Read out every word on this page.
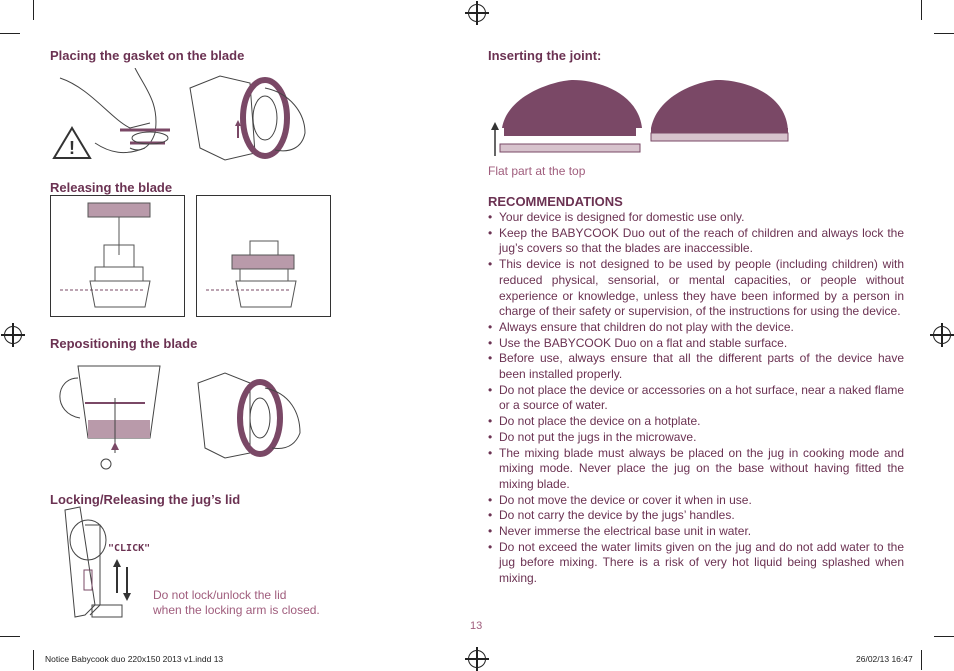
Placing the gasket on the blade
!
Releasing the blade
Repositioning the blade
Locking/Releasing the jug’s lid
"CLICK"
Do not lock/unlock the lid
when the locking arm is closed.
Inserting the joint:
Flat part at the top
RECOMMENDATIONS
• Your device is designed for domestic use only.
• Keep the BABYCOOK Duo out of the reach of children and always lock the jug’s covers so that the blades are inaccessible.
• This device is not designed to be used by people (including children) with reduced physical, sensorial, or mental capacities, or people without experience or knowledge, unless they have been informed by a person in charge of their safety or supervision, of the instructions for using the device.
• Always ensure that children do not play with the device.
• Use the BABYCOOK Duo on a flat and stable surface.
• Before use, always ensure that all the different parts of the device have been installed properly.
• Do not place the device or accessories on a hot surface, near a naked flame or a source of water.
• Do not place the device on a hotplate.
• Do not put the jugs in the microwave.
• The mixing blade must always be placed on the jug in cooking mode and mixing mode. Never place the jug on the base without having fitted the mixing blade.
• Do not move the device or cover it when in use.
• Do not carry the device by the jugs’ handles.
• Never immerse the electrical base unit in water.
• Do not exceed the water limits given on the jug and do not add water to the jug before mixing. There is a risk of very hot liquid being splashed when mixing.
13
Notice Babycook duo 220x150 2013 v1.indd 13	26/02/13 16:47
